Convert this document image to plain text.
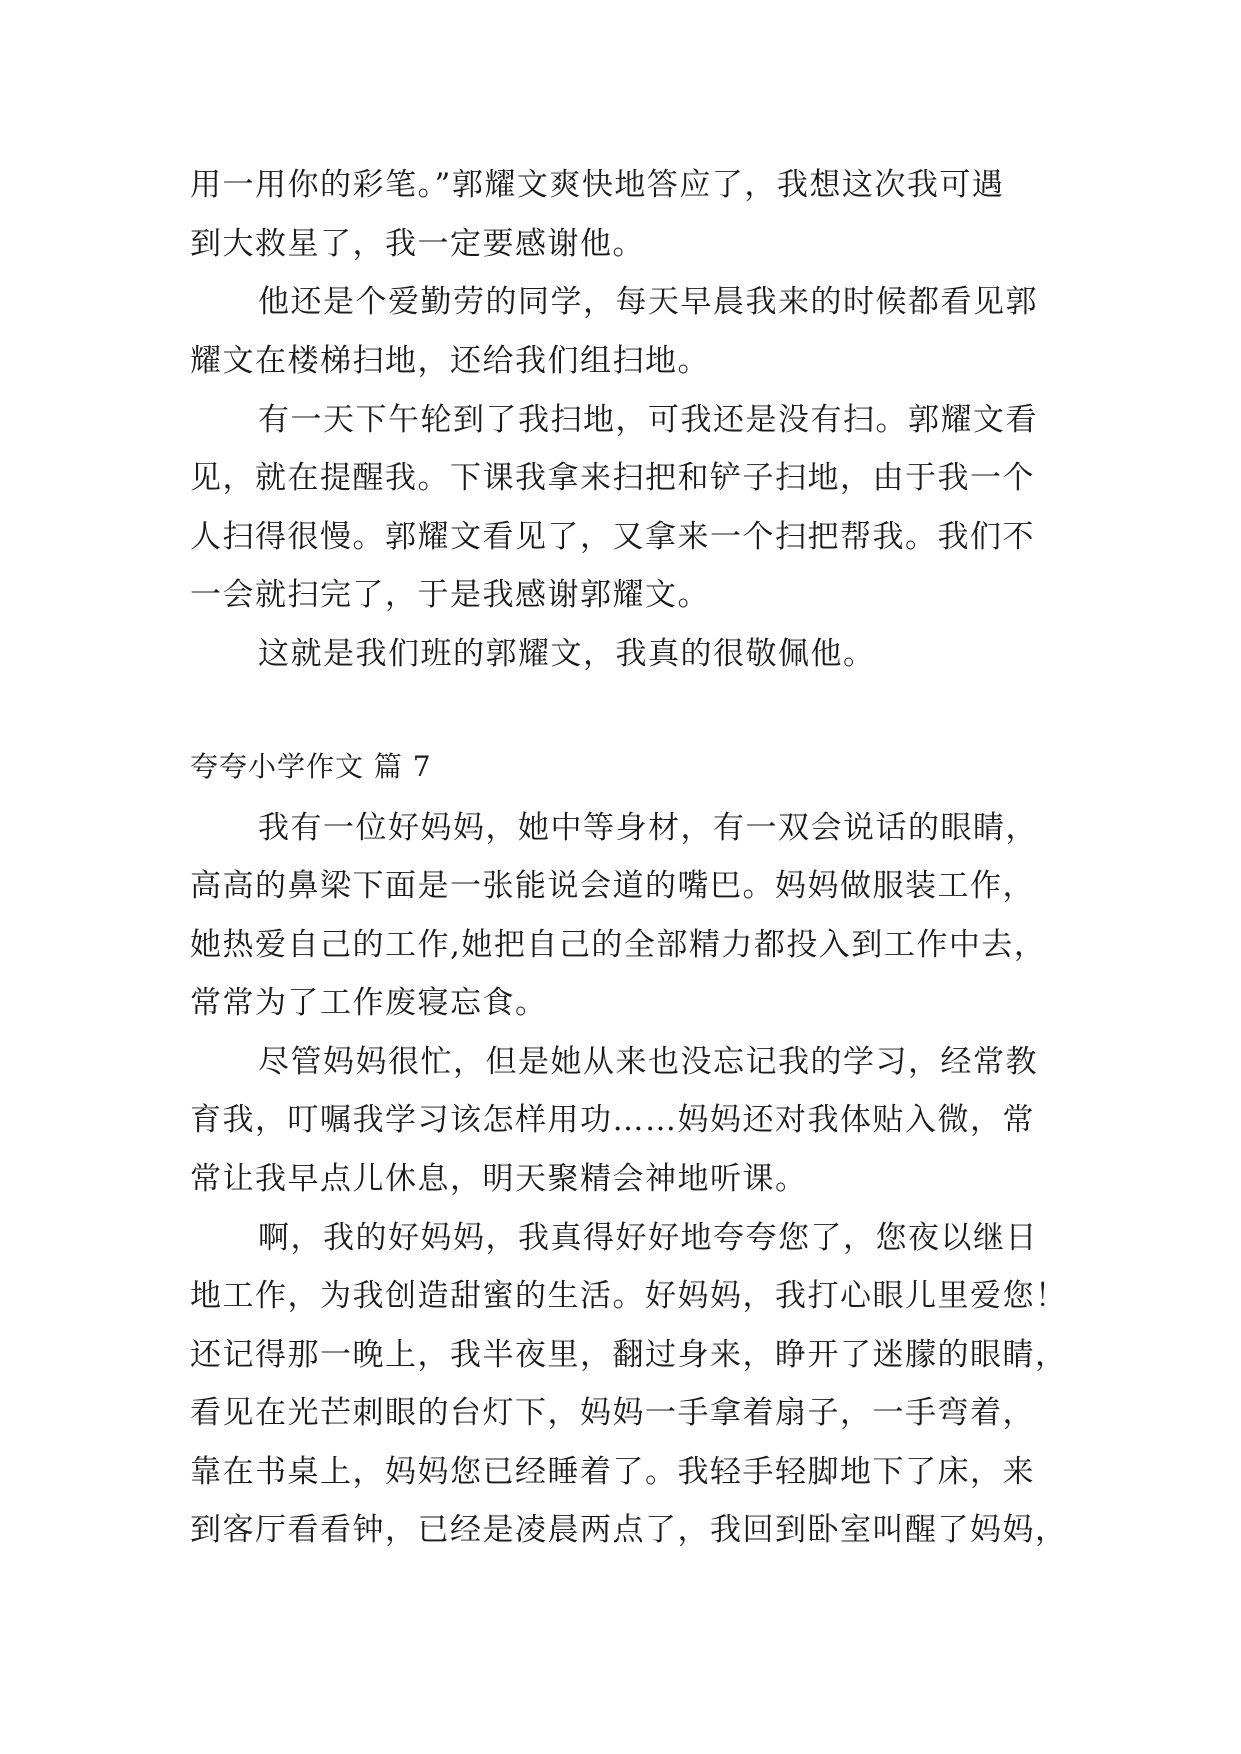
用一用你的彩笔。”郭耀文爽快地答应了，我想这次我可遇
到大救星了，我一定要感谢他。
他还是个爱勤劳的同学，每天早晨我来的时候都看见郭
耀文在楼梯扫地，还给我们组扫地。
有一天下午轮到了我扫地，可我还是没有扫。郭耀文看
见，就在提醒我。下课我拿来扫把和铲子扫地，由于我一个
人扫得很慢。郭耀文看见了，又拿来一个扫把帮我。我们不
一会就扫完了，于是我感谢郭耀文。
这就是我们班的郭耀文，我真的很敬佩他。
夸夸小学作文 篇 7
我有一位好妈妈，她中等身材，有一双会说话的眼睛，
高高的鼻梁下面是一张能说会道的嘴巴。妈妈做服装工作，
她热爱自己的工作,她把自己的全部精力都投入到工作中去，
常常为了工作废寝忘食。
尽管妈妈很忙，但是她从来也没忘记我的学习，经常教
育我，叮嘱我学习该怎样用功……妈妈还对我体贴入微，常
常让我早点儿休息，明天聚精会神地听课。
啊，我的好妈妈，我真得好好地夸夸您了，您夜以继日
地工作，为我创造甜蜜的生活。好妈妈，我打心眼儿里爱您！
还记得那一晚上，我半夜里，翻过身来，睁开了迷朦的眼睛，
看见在光芒刺眼的台灯下，妈妈一手拿着扇子，一手弯着，
靠在书桌上，妈妈您已经睡着了。我轻手轻脚地下了床，来
到客厅看看钟，已经是凌晨两点了，我回到卧室叫醒了妈妈，
